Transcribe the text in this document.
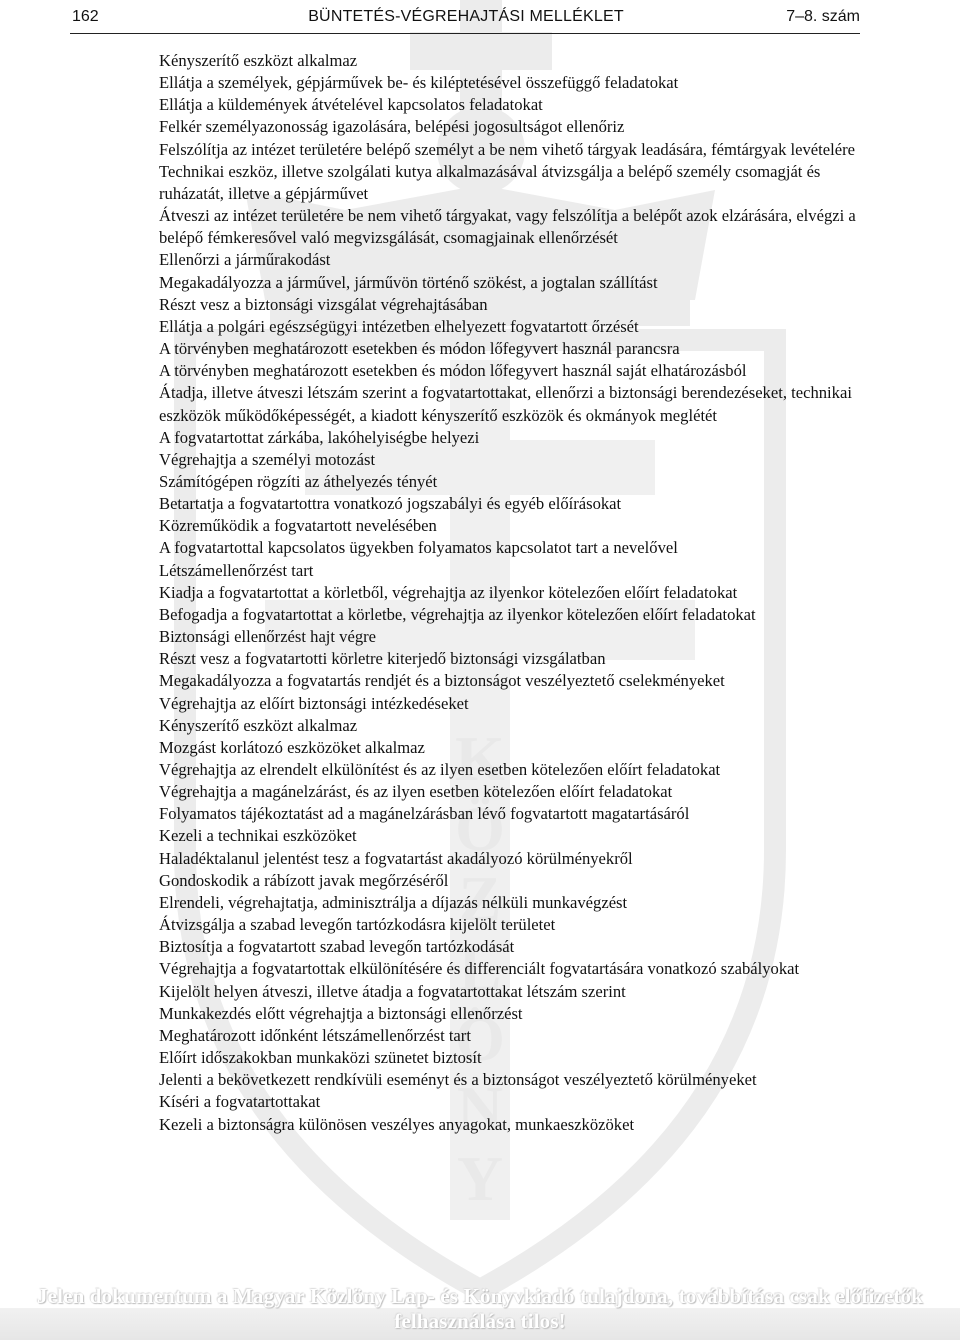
K
Ö
Z
L
Ö
N
Y
162	BÜNTETÉS-VÉGREHAJTÁSI MELLÉKLET	7–8. szám
Kényszerítő eszközt alkalmaz
Ellátja a személyek, gépjárművek be- és kiléptetésével összefüggő feladatokat
Ellátja a küldemények átvételével kapcsolatos feladatokat
Felkér személyazonosság igazolására, belépési jogosultságot ellenőriz
Felszólítja az intézet területére belépő személyt a be nem vihető tárgyak leadására, fémtárgyak levételére
Technikai eszköz, illetve szolgálati kutya alkalmazásával átvizsgálja a belépő személy csomagját és ruházatát, illetve a gépjárművet
Átveszi az intézet területére be nem vihető tárgyakat, vagy felszólítja a belépőt azok elzárására, elvégzi a belépő fémkeresővel való megvizsgálását, csomagjainak ellenőrzését
Ellenőrzi a járműrakodást
Megakadályozza a járművel, járművön történő szökést, a jogtalan szállítást
Részt vesz a biztonsági vizsgálat végrehajtásában
Ellátja a polgári egészségügyi intézetben elhelyezett fogvatartott őrzését
A törvényben meghatározott esetekben és módon lőfegyvert használ parancsra
A törvényben meghatározott esetekben és módon lőfegyvert használ saját elhatározásból
Átadja, illetve átveszi létszám szerint a fogvatartottakat, ellenőrzi a biztonsági berendezéseket, technikai eszközök működőképességét, a kiadott kényszerítő eszközök és okmányok meglétét
A fogvatartottat zárkába, lakóhelyiségbe helyezi
Végrehajtja a személyi motozást
Számítógépen rögzíti az áthelyezés tényét
Betartatja a fogvatartottra vonatkozó jogszabályi és egyéb előírásokat
Közreműködik a fogvatartott nevelésében
A fogvatartottal kapcsolatos ügyekben folyamatos kapcsolatot tart a nevelővel
Létszámellenőrzést tart
Kiadja a fogvatartottat a körletből, végrehajtja az ilyenkor kötelezően előírt feladatokat
Befogadja a fogvatartottat a körletbe, végrehajtja az ilyenkor kötelezően előírt feladatokat
Biztonsági ellenőrzést hajt végre
Részt vesz a fogvatartotti körletre kiterjedő biztonsági vizsgálatban
Megakadályozza a fogvatartás rendjét és a biztonságot veszélyeztető cselekményeket
Végrehajtja az előírt biztonsági intézkedéseket
Kényszerítő eszközt alkalmaz
Mozgást korlátozó eszközöket alkalmaz
Végrehajtja az elrendelt elkülönítést és az ilyen esetben kötelezően előírt feladatokat
Végrehajtja a magánelzárást, és az ilyen esetben kötelezően előírt feladatokat
Folyamatos tájékoztatást ad a magánelzárásban lévő fogvatartott magatartásáról
Kezeli a technikai eszközöket
Haladéktalanul jelentést tesz a fogvatartást akadályozó körülményekről
Gondoskodik a rábízott javak megőrzéséről
Elrendeli, végrehajtatja, adminisztrálja a díjazás nélküli munkavégzést
Átvizsgálja a szabad levegőn tartózkodásra kijelölt területet
Biztosítja a fogvatartott szabad levegőn tartózkodását
Végrehajtja a fogvatartottak elkülönítésére és differenciált fogvatartására vonatkozó szabályokat
Kijelölt helyen átveszi, illetve átadja a fogvatartottakat létszám szerint
Munkakezdés előtt végrehajtja a biztonsági ellenőrzést
Meghatározott időnként létszámellenőrzést tart
Előírt időszakokban munkaközi szünetet biztosít
Jelenti a bekövetkezett rendkívüli eseményt és a biztonságot veszélyeztető körülményeket
Kíséri a fogvatartottakat
Kezeli a biztonságra különösen veszélyes anyagokat, munkaeszközöket
Jelen dokumentum a Magyar Közlöny Lap- és Könyvkiadó tulajdona, továbbítása csak előfizetők felhasználása tilos!
